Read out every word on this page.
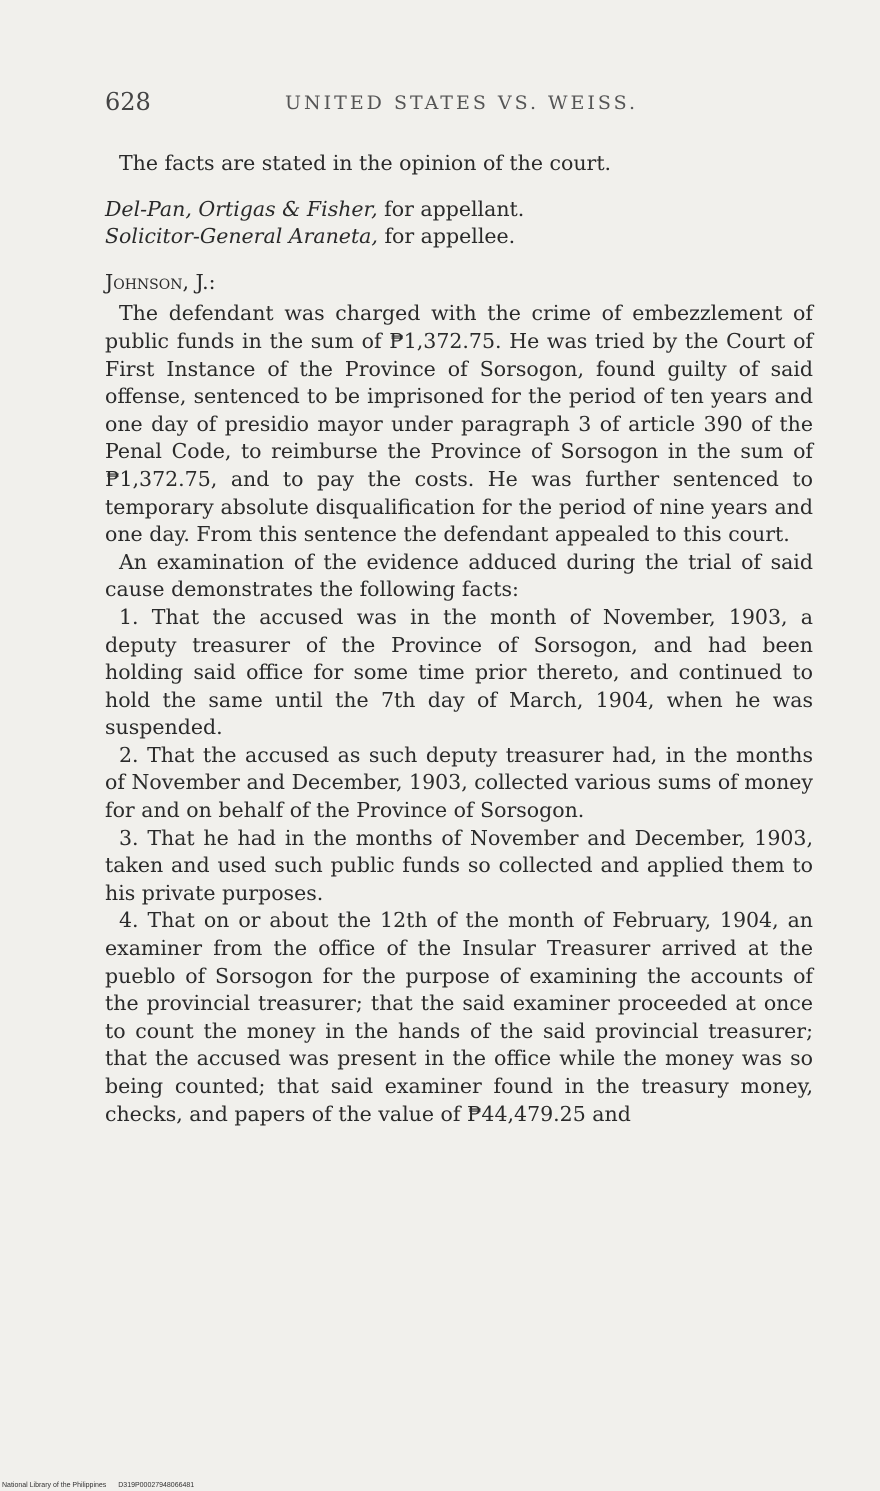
628	UNITED STATES VS. WEISS.

The facts are stated in the opinion of the court.

Del-Pan, Ortigas & Fisher, for appellant.
Solicitor-General Araneta, for appellee.

Johnson, J.:

The defendant was charged with the crime of embezzlement of public funds in the sum of ₱1,372.75. He was tried by the Court of First Instance of the Province of Sorsogon, found guilty of said offense, sentenced to be imprisoned for the period of ten years and one day of presidio mayor under paragraph 3 of article 390 of the Penal Code, to reimburse the Province of Sorsogon in the sum of ₱1,372.75, and to pay the costs. He was further sentenced to temporary absolute disqualification for the period of nine years and one day. From this sentence the defendant appealed to this court.

An examination of the evidence adduced during the trial of said cause demonstrates the following facts:

1. That the accused was in the month of November, 1903, a deputy treasurer of the Province of Sorsogon, and had been holding said office for some time prior thereto, and continued to hold the same until the 7th day of March, 1904, when he was suspended.

2. That the accused as such deputy treasurer had, in the months of November and December, 1903, collected various sums of money for and on behalf of the Province of Sorsogon.

3. That he had in the months of November and December, 1903, taken and used such public funds so collected and applied them to his private purposes.

4. That on or about the 12th of the month of February, 1904, an examiner from the office of the Insular Treasurer arrived at the pueblo of Sorsogon for the purpose of examining the accounts of the provincial treasurer; that the said examiner proceeded at once to count the money in the hands of the said provincial treasurer; that the accused was present in the office while the money was so being counted; that said examiner found in the treasury money, checks, and papers of the value of ₱44,479.25 and

National Library of the Philippines D319P00027948066481
